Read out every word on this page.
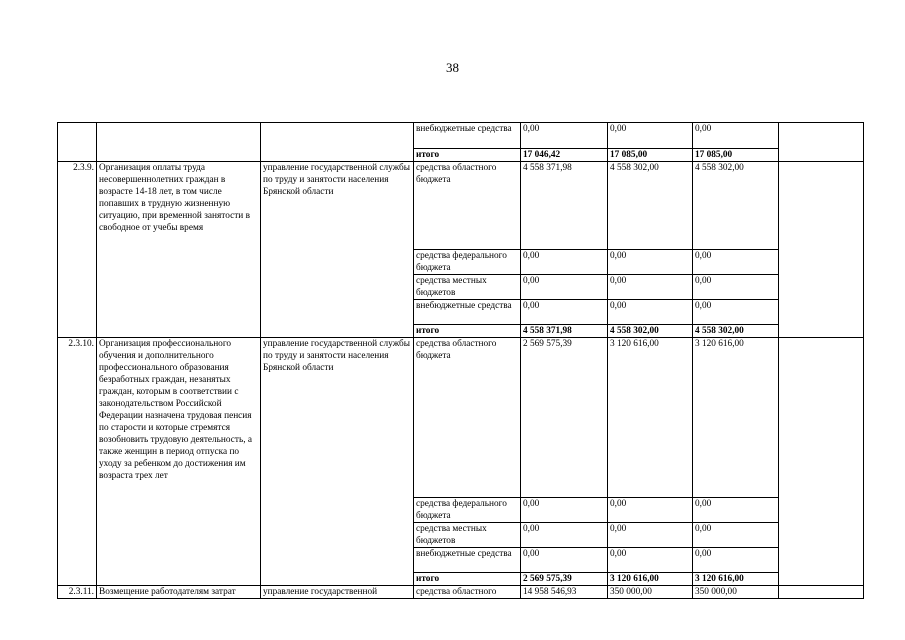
38
			внебюджетные средства	0,00	0,00	0,00	
			итого	17 046,42	17 085,00	17 085,00	
2.3.9.	Организация оплаты труда несовершеннолетних граждан в возрасте 14-18 лет, в том числе попавших в трудную жизненную ситуацию, при временной занятости в свободное от учебы время	управление государственной службы по труду и занятости населения Брянской области	средства областного бюджета	4 558 371,98	4 558 302,00	4 558 302,00	
			средства федерального бюджета	0,00	0,00	0,00	
			средства местных бюджетов	0,00	0,00	0,00	
			внебюджетные средства	0,00	0,00	0,00	
			итого	4 558 371,98	4 558 302,00	4 558 302,00	
2.3.10.	Организация профессионального обучения и дополнительного профессионального образования безработных граждан, незанятых граждан, которым в соответствии с законодательством Российской Федерации назначена трудовая пенсия по старости и которые стремятся возобновить трудовую деятельность, а также женщин в период отпуска по уходу за ребенком до достижения им возраста трех лет	управление государственной службы по труду и занятости населения Брянской области	средства областного бюджета	2 569 575,39	3 120 616,00	3 120 616,00	
			средства федерального бюджета	0,00	0,00	0,00	
			средства местных бюджетов	0,00	0,00	0,00	
			внебюджетные средства	0,00	0,00	0,00	
			итого	2 569 575,39	3 120 616,00	3 120 616,00	
2.3.11.	Возмещение работодателям затрат	управление государственной	средства областного	14 958 546,93	350 000,00	350 000,00	
